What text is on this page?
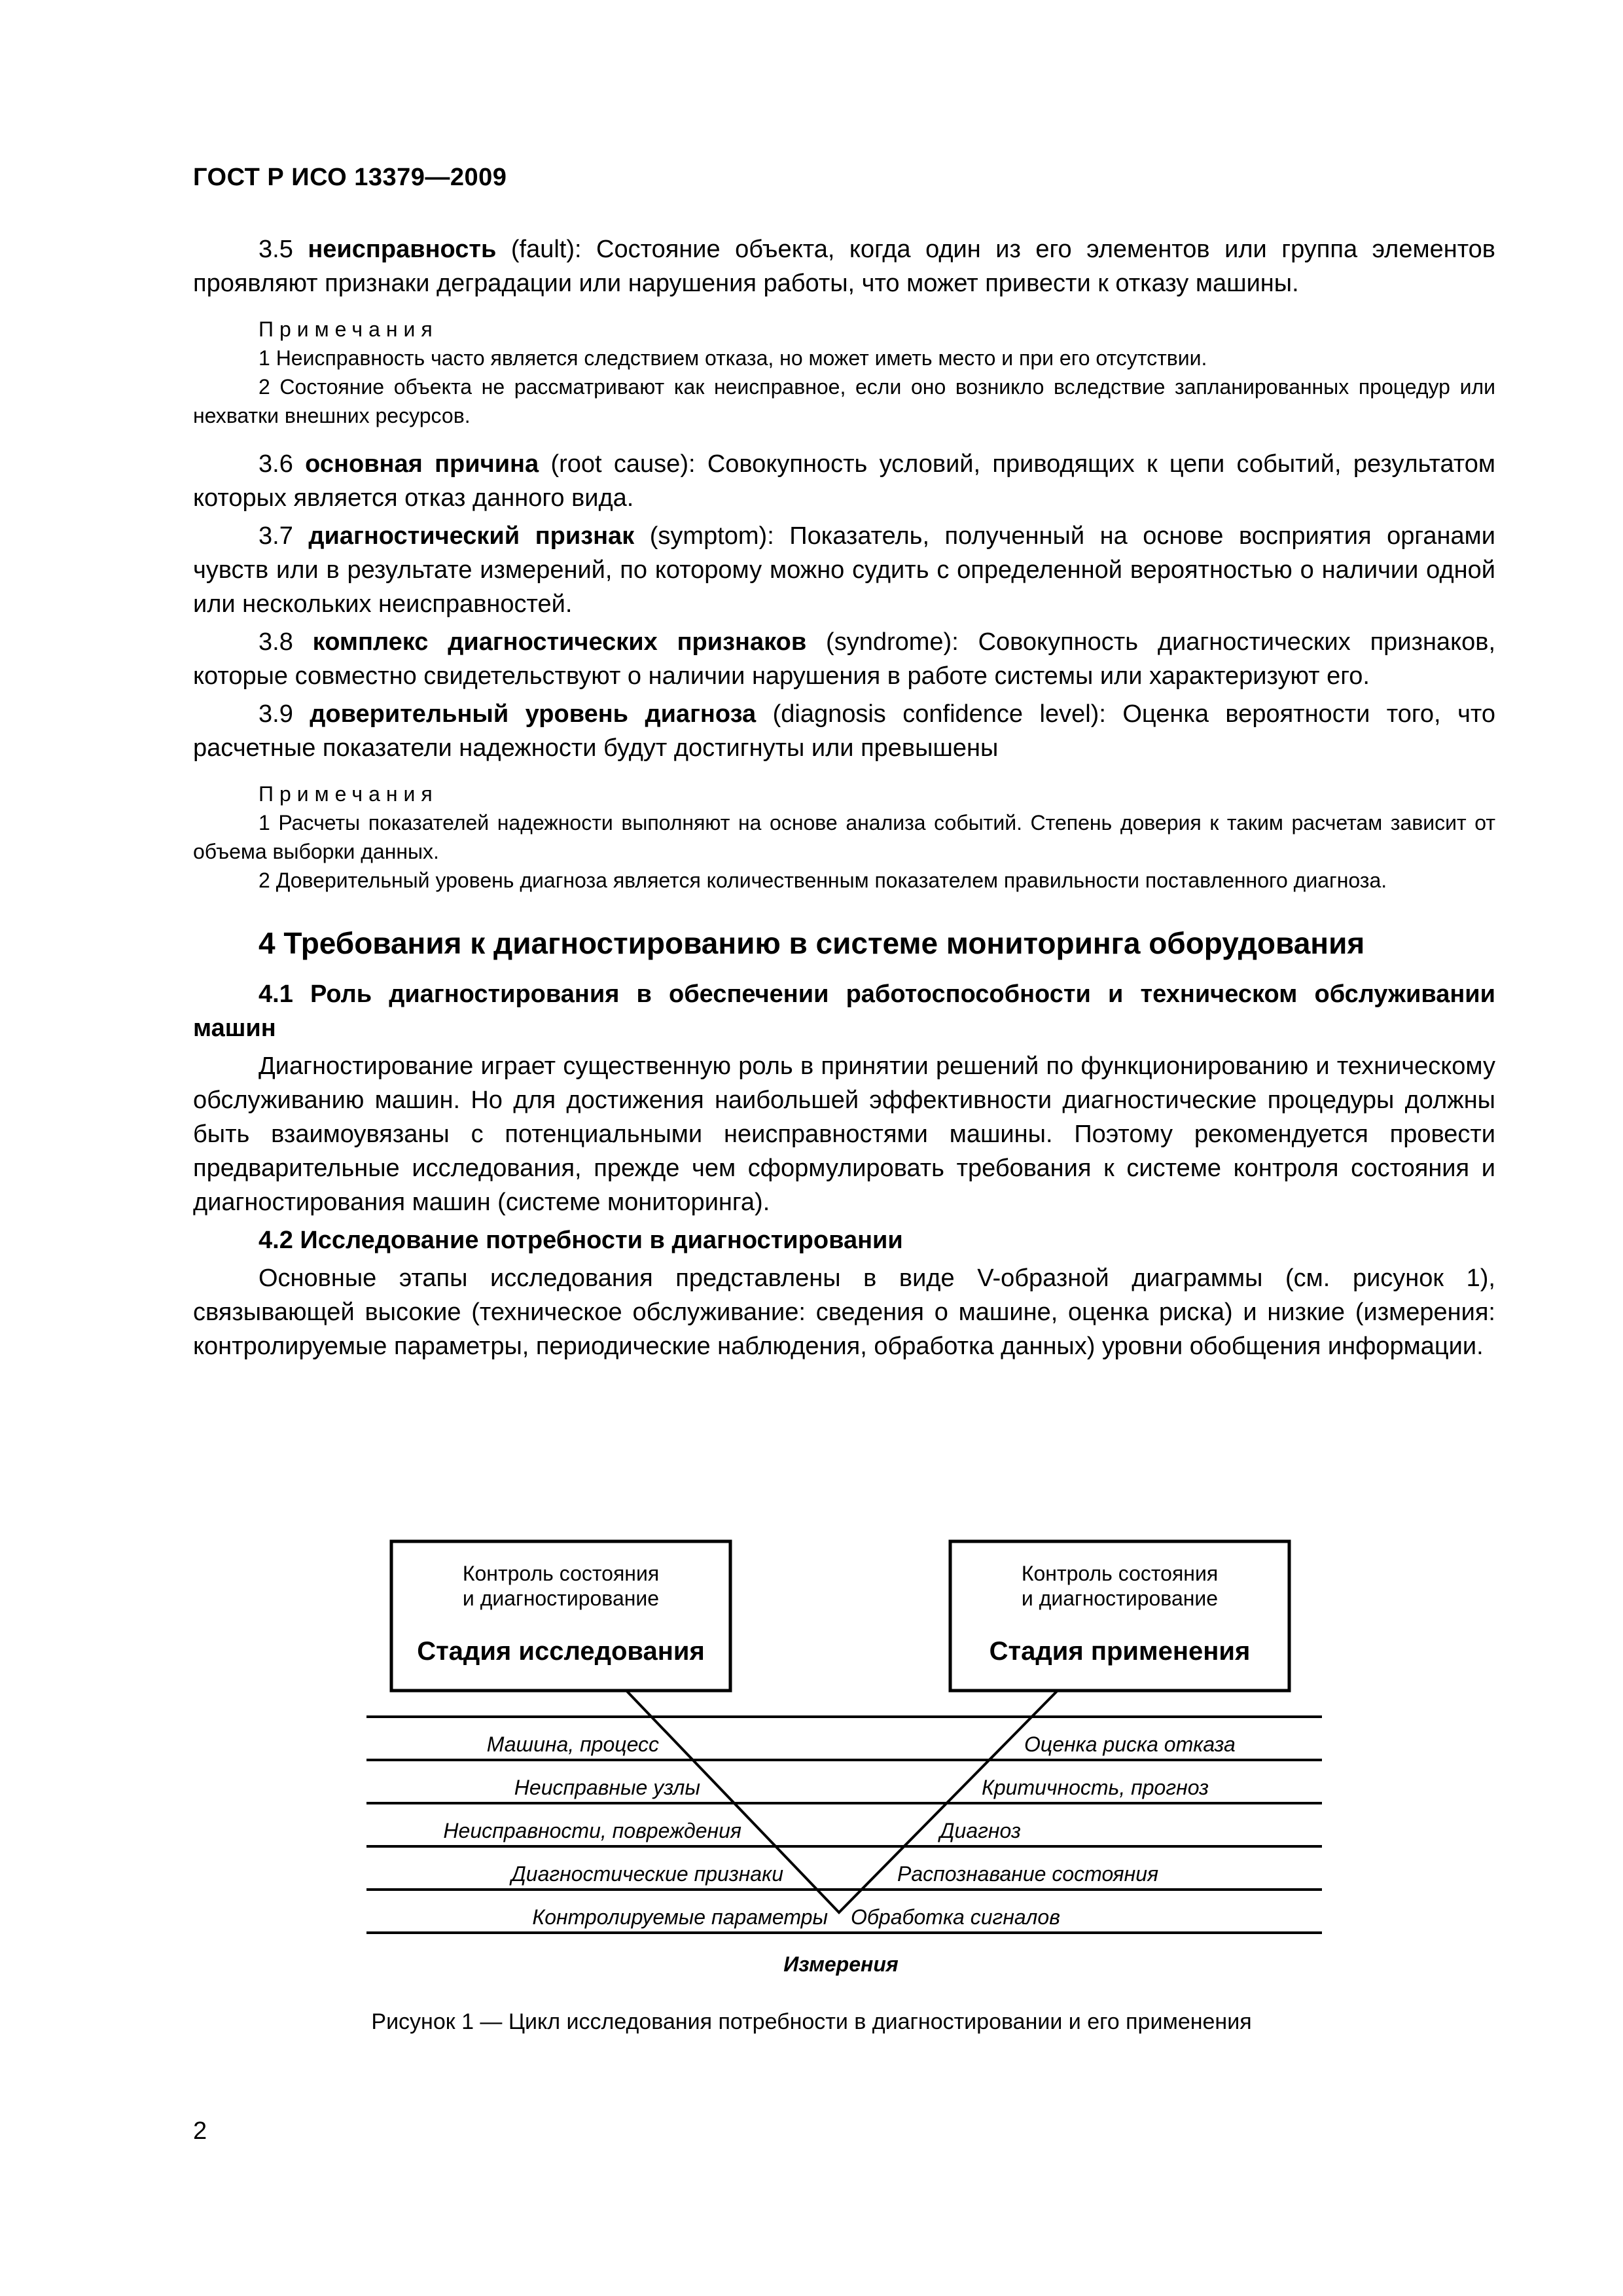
ГОСТ Р ИСО 13379—2009

3.5 неисправность (fault): Состояние объекта, когда один из его элементов или группа элементов проявляют признаки деградации или нарушения работы, что может привести к отказу машины.

Примечания

1 Неисправность часто является следствием отказа, но может иметь место и при его отсутствии.

2 Состояние объекта не рассматривают как неисправное, если оно возникло вследствие запланированных процедур или нехватки внешних ресурсов.

3.6 основная причина (root cause): Совокупность условий, приводящих к цепи событий, результатом которых является отказ данного вида.

3.7 диагностический признак (symptom): Показатель, полученный на основе восприятия органами чувств или в результате измерений, по которому можно судить с определенной вероятностью о наличии одной или нескольких неисправностей.

3.8 комплекс диагностических признаков (syndrome): Совокупность диагностических признаков, которые совместно свидетельствуют о наличии нарушения в работе системы или характеризуют его.

3.9 доверительный уровень диагноза (diagnosis confidence level): Оценка вероятности того, что расчетные показатели надежности будут достигнуты или превышены

Примечания

1 Расчеты показателей надежности выполняют на основе анализа событий. Степень доверия к таким расчетам зависит от объема выборки данных.

2 Доверительный уровень диагноза является количественным показателем правильности поставленного диагноза.

4 Требования к диагностированию в системе мониторинга оборудования
4.1 Роль диагностирования в обеспечении работоспособности и техническом обслуживании машин

Диагностирование играет существенную роль в принятии решений по функционированию и техническому обслуживанию машин. Но для достижения наибольшей эффективности диагностические процедуры должны быть взаимоувязаны с потенциальными неисправностями машины. Поэтому рекомендуется провести предварительные исследования, прежде чем сформулировать требования к системе контроля состояния и диагностирования машин (системе мониторинга).

4.2 Исследование потребности в диагностировании

Основные этапы исследования представлены в виде V-образной диаграммы (см. рисунок 1), связывающей высокие (техническое обслуживание: сведения о машине, оценка риска) и низкие (измерения: контролируемые параметры, периодические наблюдения, обработка данных) уровни обобщения информации.

Контроль состояния
и диагностирование
Стадия исследования
Контроль состояния
и диагностирование
Стадия применения
Машина, процесс
Неисправные узлы
Неисправности, повреждения
Диагностические признаки
Контролируемые параметры
Оценка риска отказа
Критичность, прогноз
Диагноз
Распознавание состояния
Обработка сигналов
Измерения
Рисунок 1 — Цикл исследования потребности в диагностировании и его применения
2
